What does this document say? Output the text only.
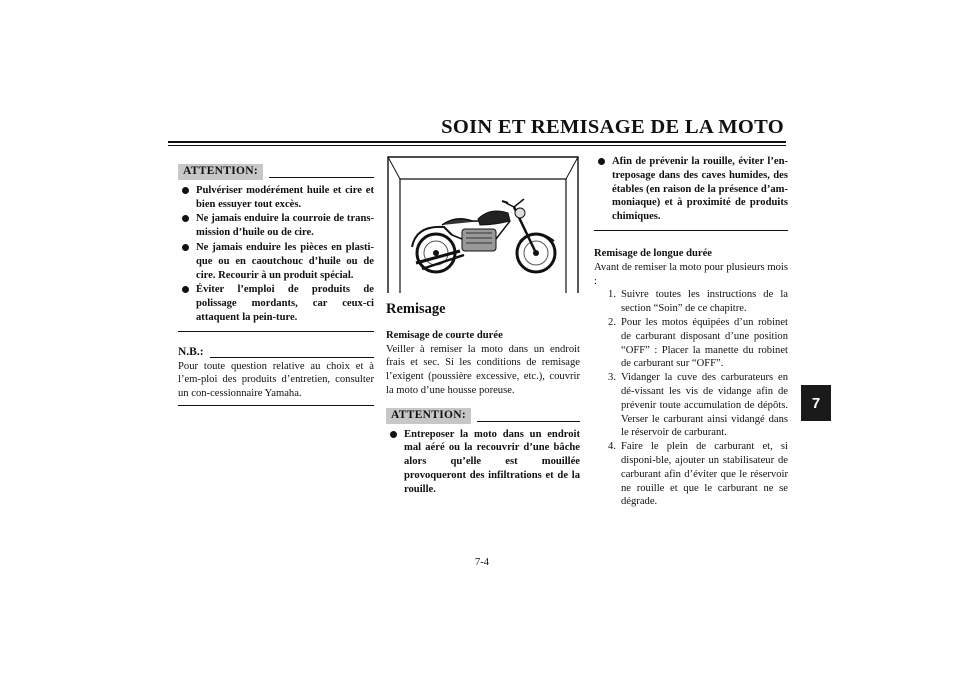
SOIN ET REMISAGE DE LA MOTO
7
ATTENTION:
Pulvériser modérément huile et cire et bien essuyer tout excès.
Ne jamais enduire la courroie de trans-mission d’huile ou de cire.
Ne jamais enduire les pièces en plasti-que ou en caoutchouc d’huile ou de cire. Recourir à un produit spécial.
Éviter l’emploi de produits de polissage mordants, car ceux-ci attaquent la pein-ture.
N.B.:

Pour toute question relative au choix et à l’em-ploi des produits d’entretien, consulter un con-cessionnaire Yamaha.

Remisage

Remisage de courte durée

Veiller à remiser la moto dans un endroit frais et sec. Si les conditions de remisage l’exigent (poussière excessive, etc.), couvrir la moto d’une housse poreuse.

ATTENTION:
Entreposer la moto dans un endroit mal aéré ou la recouvrir d’une bâche alors qu’elle est mouillée provoqueront des infiltrations et de la rouille.
Afin de prévenir la rouille, éviter l’en-treposage dans des caves humides, des étables (en raison de la présence d’am-moniaque) et à proximité de produits chimiques.

Remisage de longue durée

Avant de remiser la moto pour plusieurs mois :

1. Suivre toutes les instructions de la section “Soin” de ce chapitre.
2. Pour les motos équipées d’un robinet de carburant disposant d’une position “OFF” : Placer la manette du robinet de carburant sur “OFF”.
3. Vidanger la cuve des carburateurs en dé-vissant les vis de vidange afin de prévenir toute accumulation de dépôts. Verser le carburant ainsi vidangé dans le réservoir de carburant.
4. Faire le plein de carburant et, si disponi-ble, ajouter un stabilisateur de carburant afin d’éviter que le réservoir ne rouille et que le carburant ne se dégrade.
7-4
